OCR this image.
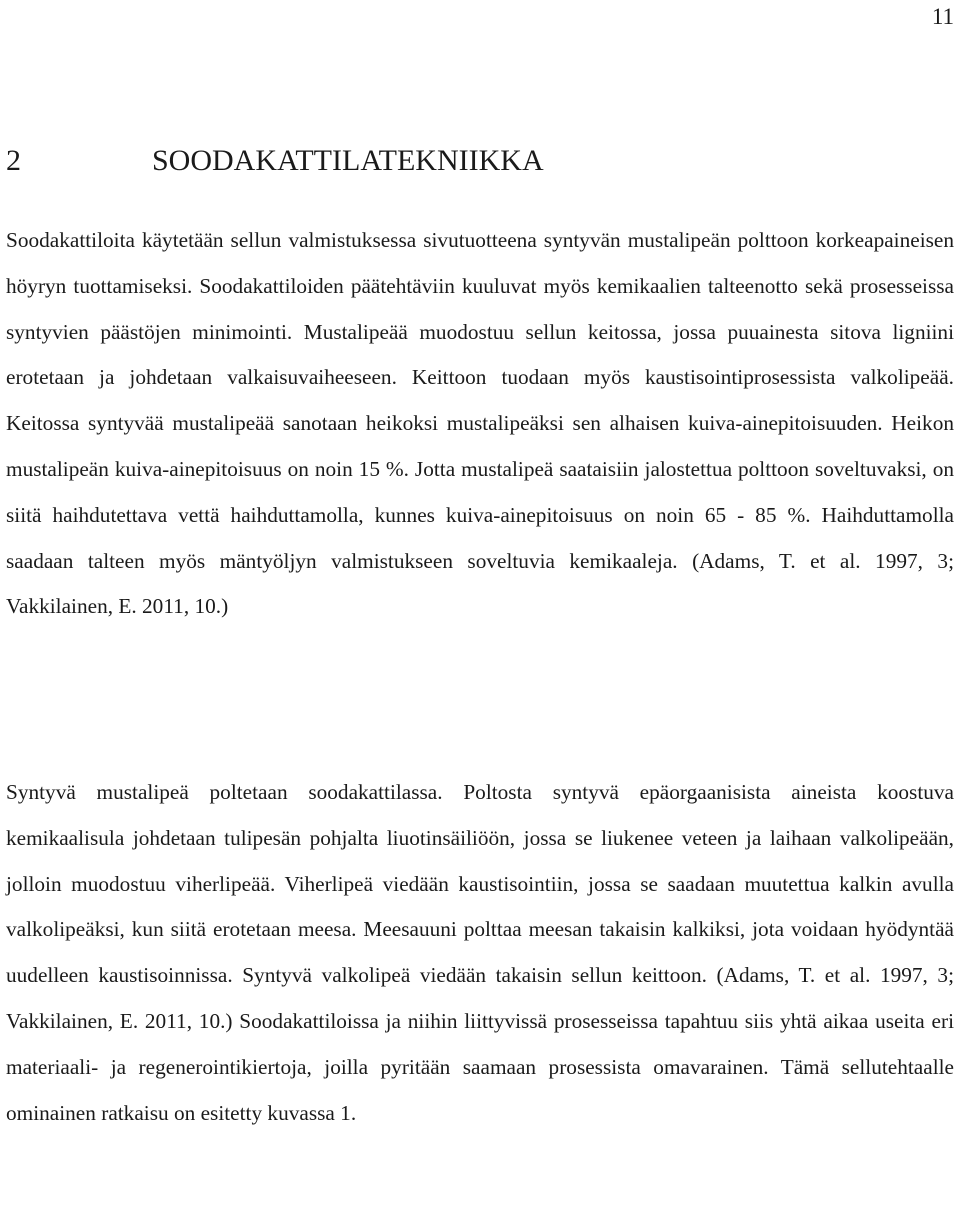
11
2	SOODAKATTILATEKNIIKKA

Soodakattiloita käytetään sellun valmistuksessa sivutuotteena syntyvän mustalipeän polttoon korkeapaineisen höyryn tuottamiseksi. Soodakattiloiden päätehtäviin kuuluvat myös kemikaalien talteenotto sekä prosesseissa syntyvien päästöjen minimointi. Mustalipeää muodostuu sellun keitossa, jossa puuainesta sitova ligniini erotetaan ja johdetaan valkaisuvaiheeseen. Keittoon tuodaan myös kaustisointiprosessista valkolipeää. Keitossa syntyvää mustalipeää sanotaan heikoksi mustalipeäksi sen alhaisen kuiva-ainepitoisuuden. Heikon mustalipeän kuiva-ainepitoisuus on noin 15 %. Jotta mustalipeä saataisiin jalostettua polttoon soveltuvaksi, on siitä haihdutettava vettä haihduttamolla, kunnes kuiva-ainepitoisuus on noin 65 - 85 %. Haihduttamolla saadaan talteen myös mäntyöljyn valmistukseen soveltuvia kemikaaleja. (Adams, T. et al. 1997, 3; Vakkilainen, E. 2011, 10.)

Syntyvä mustalipeä poltetaan soodakattilassa. Poltosta syntyvä epäorgaanisista aineista koostuva kemikaalisula johdetaan tulipesän pohjalta liuotinsäiliöön, jossa se liukenee veteen ja laihaan valkolipeään, jolloin muodostuu viherlipeää. Viherlipeä viedään kaustisointiin, jossa se saadaan muutettua kalkin avulla valkolipeäksi, kun siitä erotetaan meesa. Meesauuni polttaa meesan takaisin kalkiksi, jota voidaan hyödyntää uudelleen kaustisoinnissa. Syntyvä valkolipeä viedään takaisin sellun keittoon. (Adams, T. et al. 1997, 3; Vakkilainen, E. 2011, 10.) Soodakattiloissa ja niihin liittyvissä prosesseissa tapahtuu siis yhtä aikaa useita eri materiaali- ja regenerointikiertoja, joilla pyritään saamaan prosessista omavarainen. Tämä sellutehtaalle ominainen ratkaisu on esitetty kuvassa 1.
